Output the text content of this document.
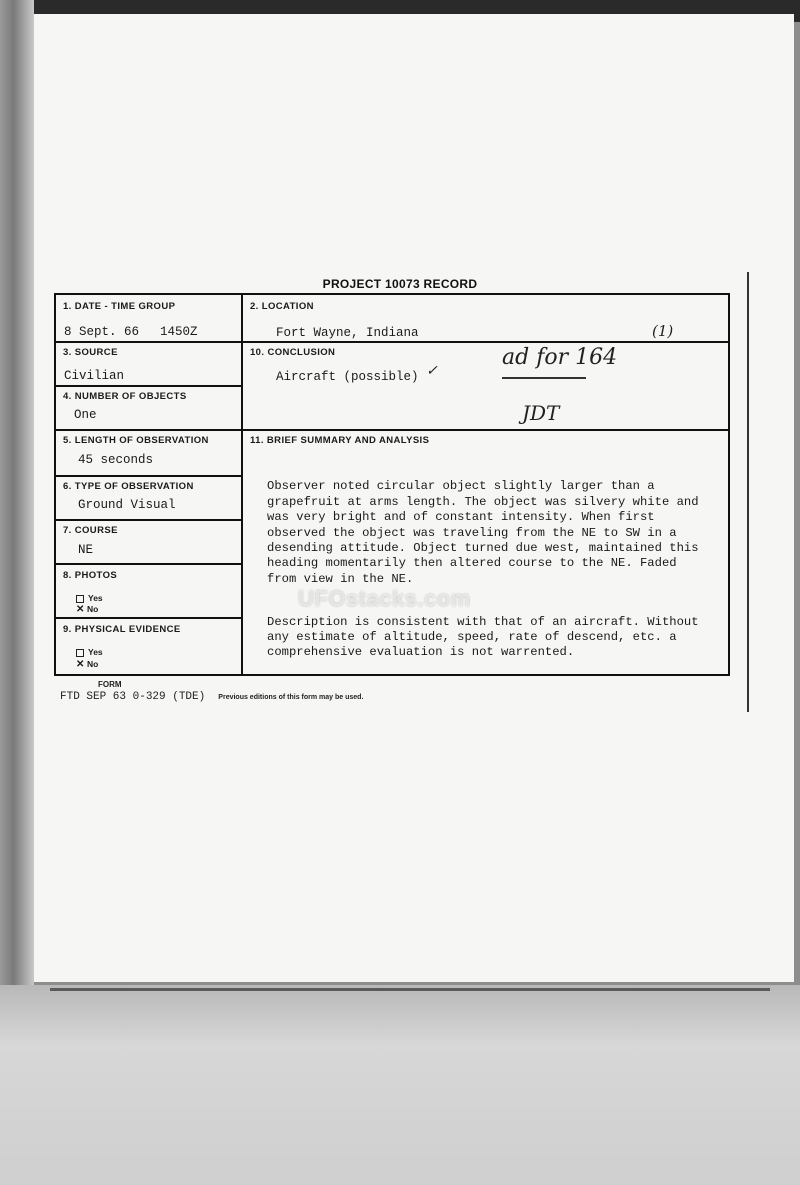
PROJECT 10073 RECORD
1. DATE - TIME GROUP
8 Sept. 66 1450Z
2. LOCATION
Fort Wayne, Indiana	(1)
3. SOURCE
Civilian
10. CONCLUSION
Aircraft (possible) ✓
ad for 164
JDT
4. NUMBER OF OBJECTS
One
5. LENGTH OF OBSERVATION
45 seconds
11. BRIEF SUMMARY AND ANALYSIS
6. TYPE OF OBSERVATION
Ground Visual
7. COURSE
NE
8. PHOTOS
Yes
✕ No
9. PHYSICAL EVIDENCE
Yes
✕ No

Observer noted circular object slightly larger than a grapefruit at arms length. The object was silvery white and was very bright and of constant intensity. When first observed the object was traveling from the NE to SW in a desending attitude. Object turned due west, maintained this heading momentarily then altered course to the NE. Faded from view in the NE.

Description is consistent with that of an aircraft. Without any estimate of altitude, speed, rate of descend, etc. a comprehensive evaluation is not warrented.

UFOstacks.com
FORM
FTD SEP 63 0-329 (TDE) Previous editions of this form may be used.
